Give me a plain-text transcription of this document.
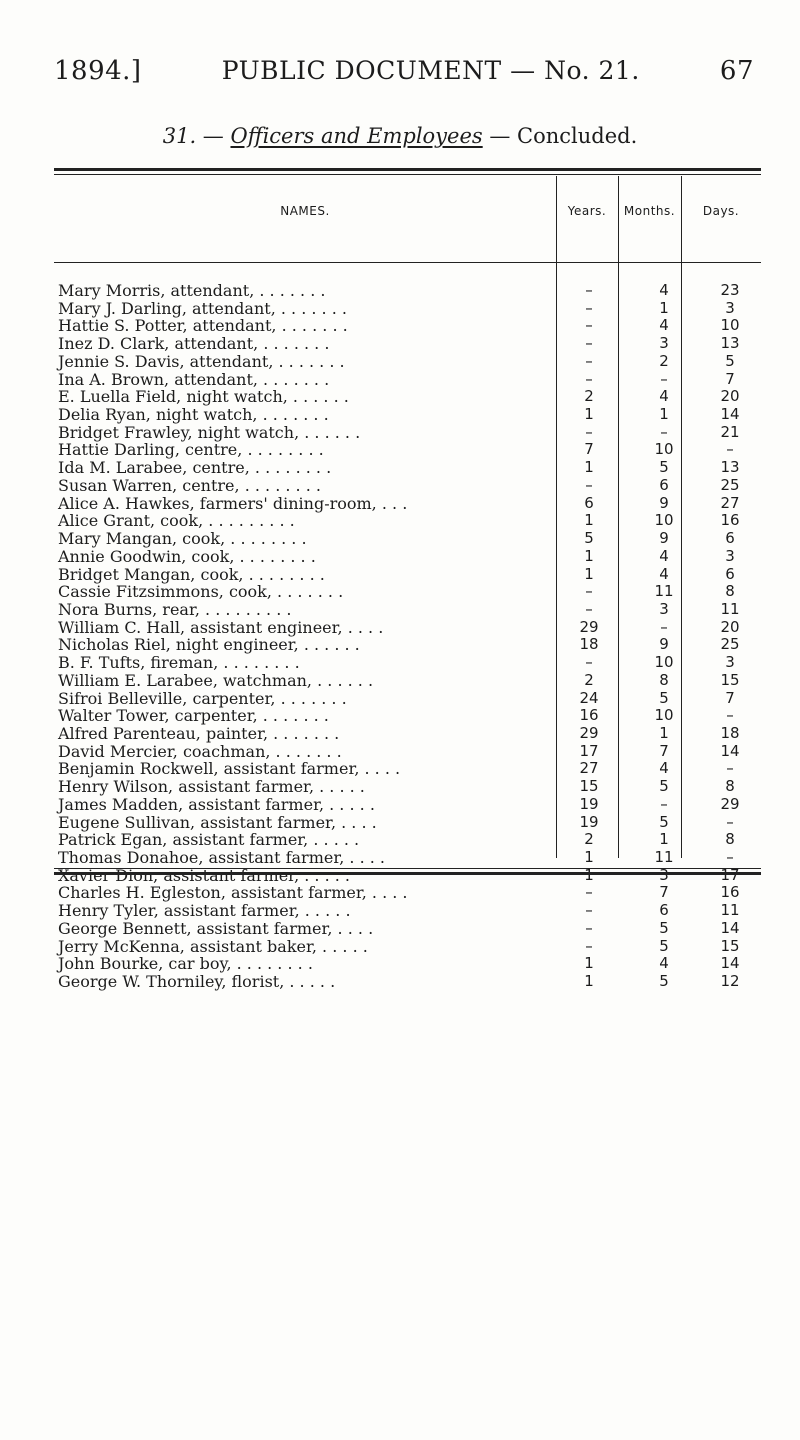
1894.]	PUBLIC DOCUMENT — No. 21.	67
31. — Officers and Employees — Concluded.
NAMES.	Years.	Months.	Days.
Mary Morris, attendant, . . . . . . .	–	4	23
Mary J. Darling, attendant, . . . . . . .	–	1	3
Hattie S. Potter, attendant, . . . . . . .	–	4	10
Inez D. Clark, attendant, . . . . . . .	–	3	13
Jennie S. Davis, attendant, . . . . . . .	–	2	5
Ina A. Brown, attendant, . . . . . . .	–	–	7
E. Luella Field, night watch, . . . . . .	2	4	20
Delia Ryan, night watch, . . . . . . .	1	1	14
Bridget Frawley, night watch, . . . . . .	–	–	21
Hattie Darling, centre, . . . . . . . .	7	10	–
Ida M. Larabee, centre, . . . . . . . .	1	5	13
Susan Warren, centre, . . . . . . . .	–	6	25
Alice A. Hawkes, farmers' dining-room, . . .	6	9	27
Alice Grant, cook, . . . . . . . . .	1	10	16
Mary Mangan, cook, . . . . . . . .	5	9	6
Annie Goodwin, cook, . . . . . . . .	1	4	3
Bridget Mangan, cook, . . . . . . . .	1	4	6
Cassie Fitzsimmons, cook, . . . . . . .	–	11	8
Nora Burns, rear, . . . . . . . . .	–	3	11
William C. Hall, assistant engineer, . . . .	29	–	20
Nicholas Riel, night engineer, . . . . . .	18	9	25
B. F. Tufts, fireman, . . . . . . . .	–	10	3
William E. Larabee, watchman, . . . . . .	2	8	15
Sifroi Belleville, carpenter, . . . . . . .	24	5	7
Walter Tower, carpenter, . . . . . . .	16	10	–
Alfred Parenteau, painter, . . . . . . .	29	1	18
David Mercier, coachman, . . . . . . .	17	7	14
Benjamin Rockwell, assistant farmer, . . . .	27	4	–
Henry Wilson, assistant farmer, . . . . .	15	5	8
James Madden, assistant farmer, . . . . .	19	–	29
Eugene Sullivan, assistant farmer, . . . .	19	5	–
Patrick Egan, assistant farmer, . . . . .	2	1	8
Thomas Donahoe, assistant farmer, . . . .	1	11	–
Xavier Dion, assistant farmer, . . . . .	1	3	17
Charles H. Egleston, assistant farmer, . . . .	–	7	16
Henry Tyler, assistant farmer, . . . . .	–	6	11
George Bennett, assistant farmer, . . . .	–	5	14
Jerry McKenna, assistant baker, . . . . .	–	5	15
John Bourke, car boy, . . . . . . . .	1	4	14
George W. Thorniley, florist, . . . . .	1	5	12
